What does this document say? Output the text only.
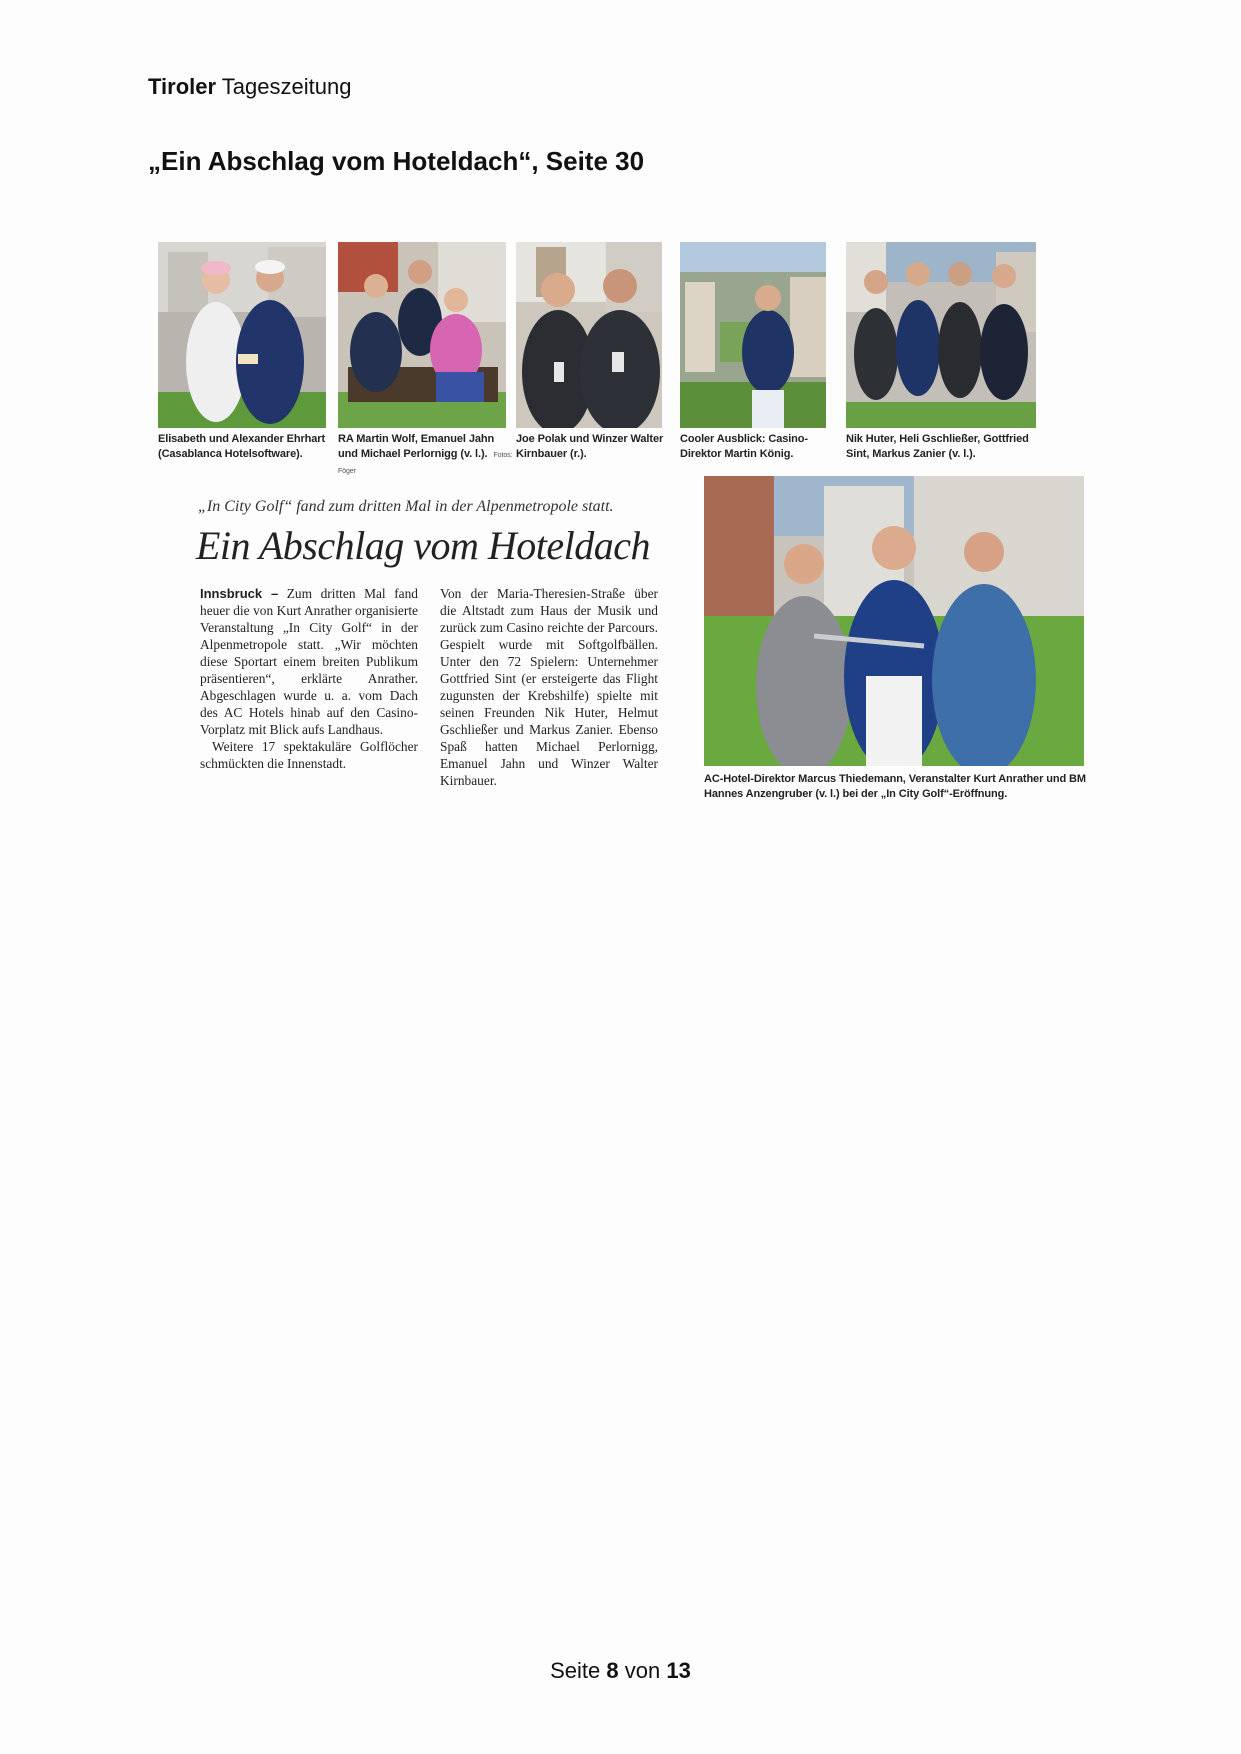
Tiroler Tageszeitung
„Ein Abschlag vom Hoteldach“, Seite 30
Elisabeth und Alexander Ehrhart (Casablanca Hotelsoftware).
RA Martin Wolf, Emanuel Jahn und Michael Perlornigg (v. l.). Fotos: Föger
Joe Polak und Winzer Walter Kirnbauer (r.).
Cooler Ausblick: Casino-Direktor Martin König.
Nik Huter, Heli Gschließer, Gottfried Sint, Markus Zanier (v. l.).
„In City Golf“ fand zum dritten Mal in der Alpenmetropole statt.
Ein Abschlag vom Hoteldach

Innsbruck – Zum dritten Mal fand heuer die von Kurt Anrather organisierte Veranstaltung „In City Golf“ in der Alpenmetropole statt. „Wir möchten diese Sportart einem breiten Publikum präsentieren“, erklärte Anrather. Abgeschlagen wurde u. a. vom Dach des AC Hotels hinab auf den Casino-Vorplatz mit Blick aufs Landhaus.

Weitere 17 spektakuläre Golflöcher schmückten die Innenstadt.

Von der Maria-Theresien-Straße über die Altstadt zum Haus der Musik und zurück zum Casino reichte der Parcours. Gespielt wurde mit Softgolfbällen. Unter den 72 Spielern: Unternehmer Gottfried Sint (er ersteigerte das Flight zugunsten der Krebshilfe) spielte mit seinen Freunden Nik Huter, Helmut Gschließer und Markus Zanier. Ebenso Spaß hatten Michael Perlornigg, Emanuel Jahn und Winzer Walter Kirnbauer.	AC-Hotel-Direktor Marcus Thiedemann, Veranstalter Kurt Anrather und BM Hannes Anzengruber (v. l.) bei der „In City Golf“-Eröffnung.
Seite 8 von 13
